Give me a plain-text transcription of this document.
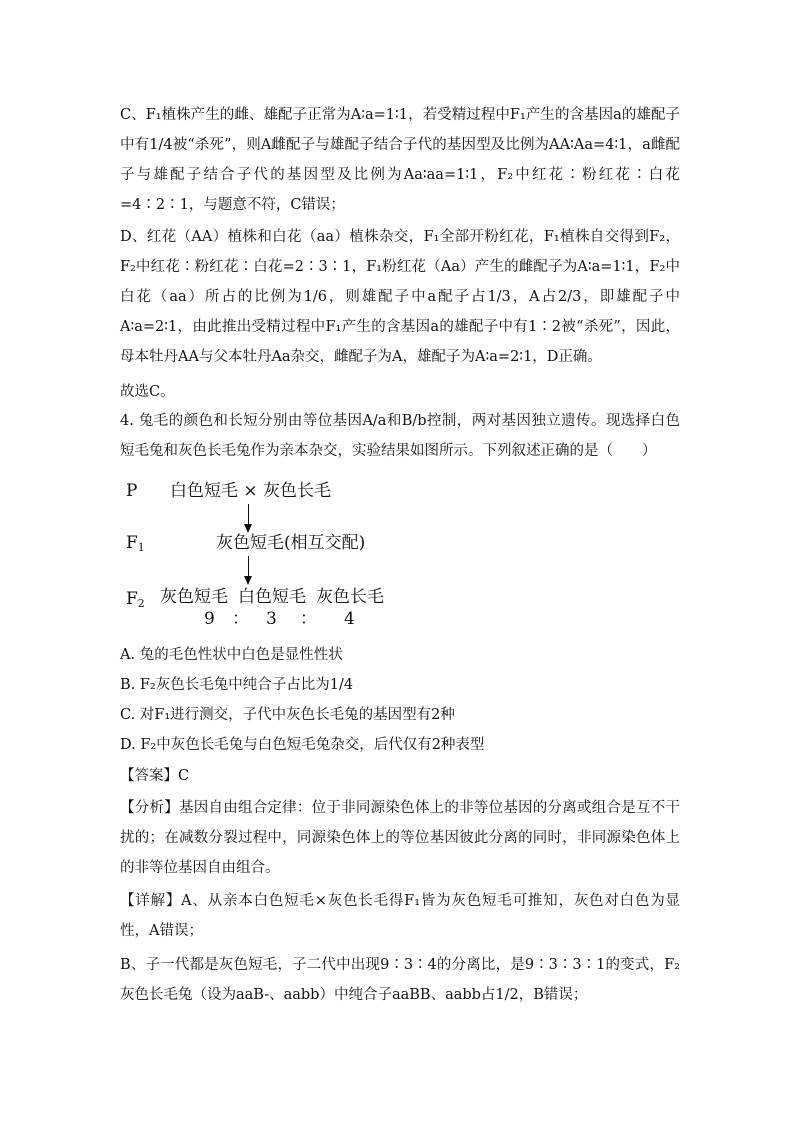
C、F₁植株产生的雌、雄配子正常为A∶a=1∶1，若受精过程中F₁产生的含基因a的雄配子中有1/4被“杀死”，则A雌配子与雄配子结合子代的基因型及比例为AA∶Aa=4∶1，a雌配子与雄配子结合子代的基因型及比例为Aa∶aa=1∶1，F₂中红花∶粉红花∶白花=4∶2∶1，与题意不符，C错误；

D、红花（AA）植株和白花（aa）植株杂交，F₁全部开粉红花，F₁植株自交得到F₂，F₂中红花∶粉红花∶白花=2∶3∶1，F₁粉红花（Aa）产生的雌配子为A∶a=1∶1，F₂中白花（aa）所占的比例为1/6，则雄配子中a配子占1/3，A占2/3，即雄配子中A∶a=2∶1，由此推出受精过程中F₁产生的含基因a的雄配子中有1∶2被“杀死”，因此，母本牡丹AA与父本牡丹Aa杂交，雌配子为A，雄配子为A∶a=2∶1，D正确。

故选C。

4. 兔毛的颜色和长短分别由等位基因A/a和B/b控制，两对基因独立遗传。现选择白色短毛兔和灰色长毛兔作为亲本杂交，实验结果如图所示。下列叙述正确的是（　　）

P 白色短毛 × 灰色长毛
$F_1$	灰色短毛(相互交配)
$F_2$ 灰色短毛 白色短毛 灰色长毛
9 ： 3 ： 4

A. 兔的毛色性状中白色是显性性状

B. F₂灰色长毛兔中纯合子占比为1/4

C. 对F₁进行测交，子代中灰色长毛兔的基因型有2种

D. F₂中灰色长毛兔与白色短毛兔杂交，后代仅有2种表型

【答案】C

【分析】基因自由组合定律：位于非同源染色体上的非等位基因的分离或组合是互不干扰的；在减数分裂过程中，同源染色体上的等位基因彼此分离的同时，非同源染色体上的非等位基因自由组合。

【详解】A、从亲本白色短毛×灰色长毛得F₁皆为灰色短毛可推知，灰色对白色为显性，A错误；

B、子一代都是灰色短毛，子二代中出现9∶3∶4的分离比，是9∶3∶3∶1的变式，F₂灰色长毛兔（设为aaB-、aabb）中纯合子aaBB、aabb占1/2，B错误；
